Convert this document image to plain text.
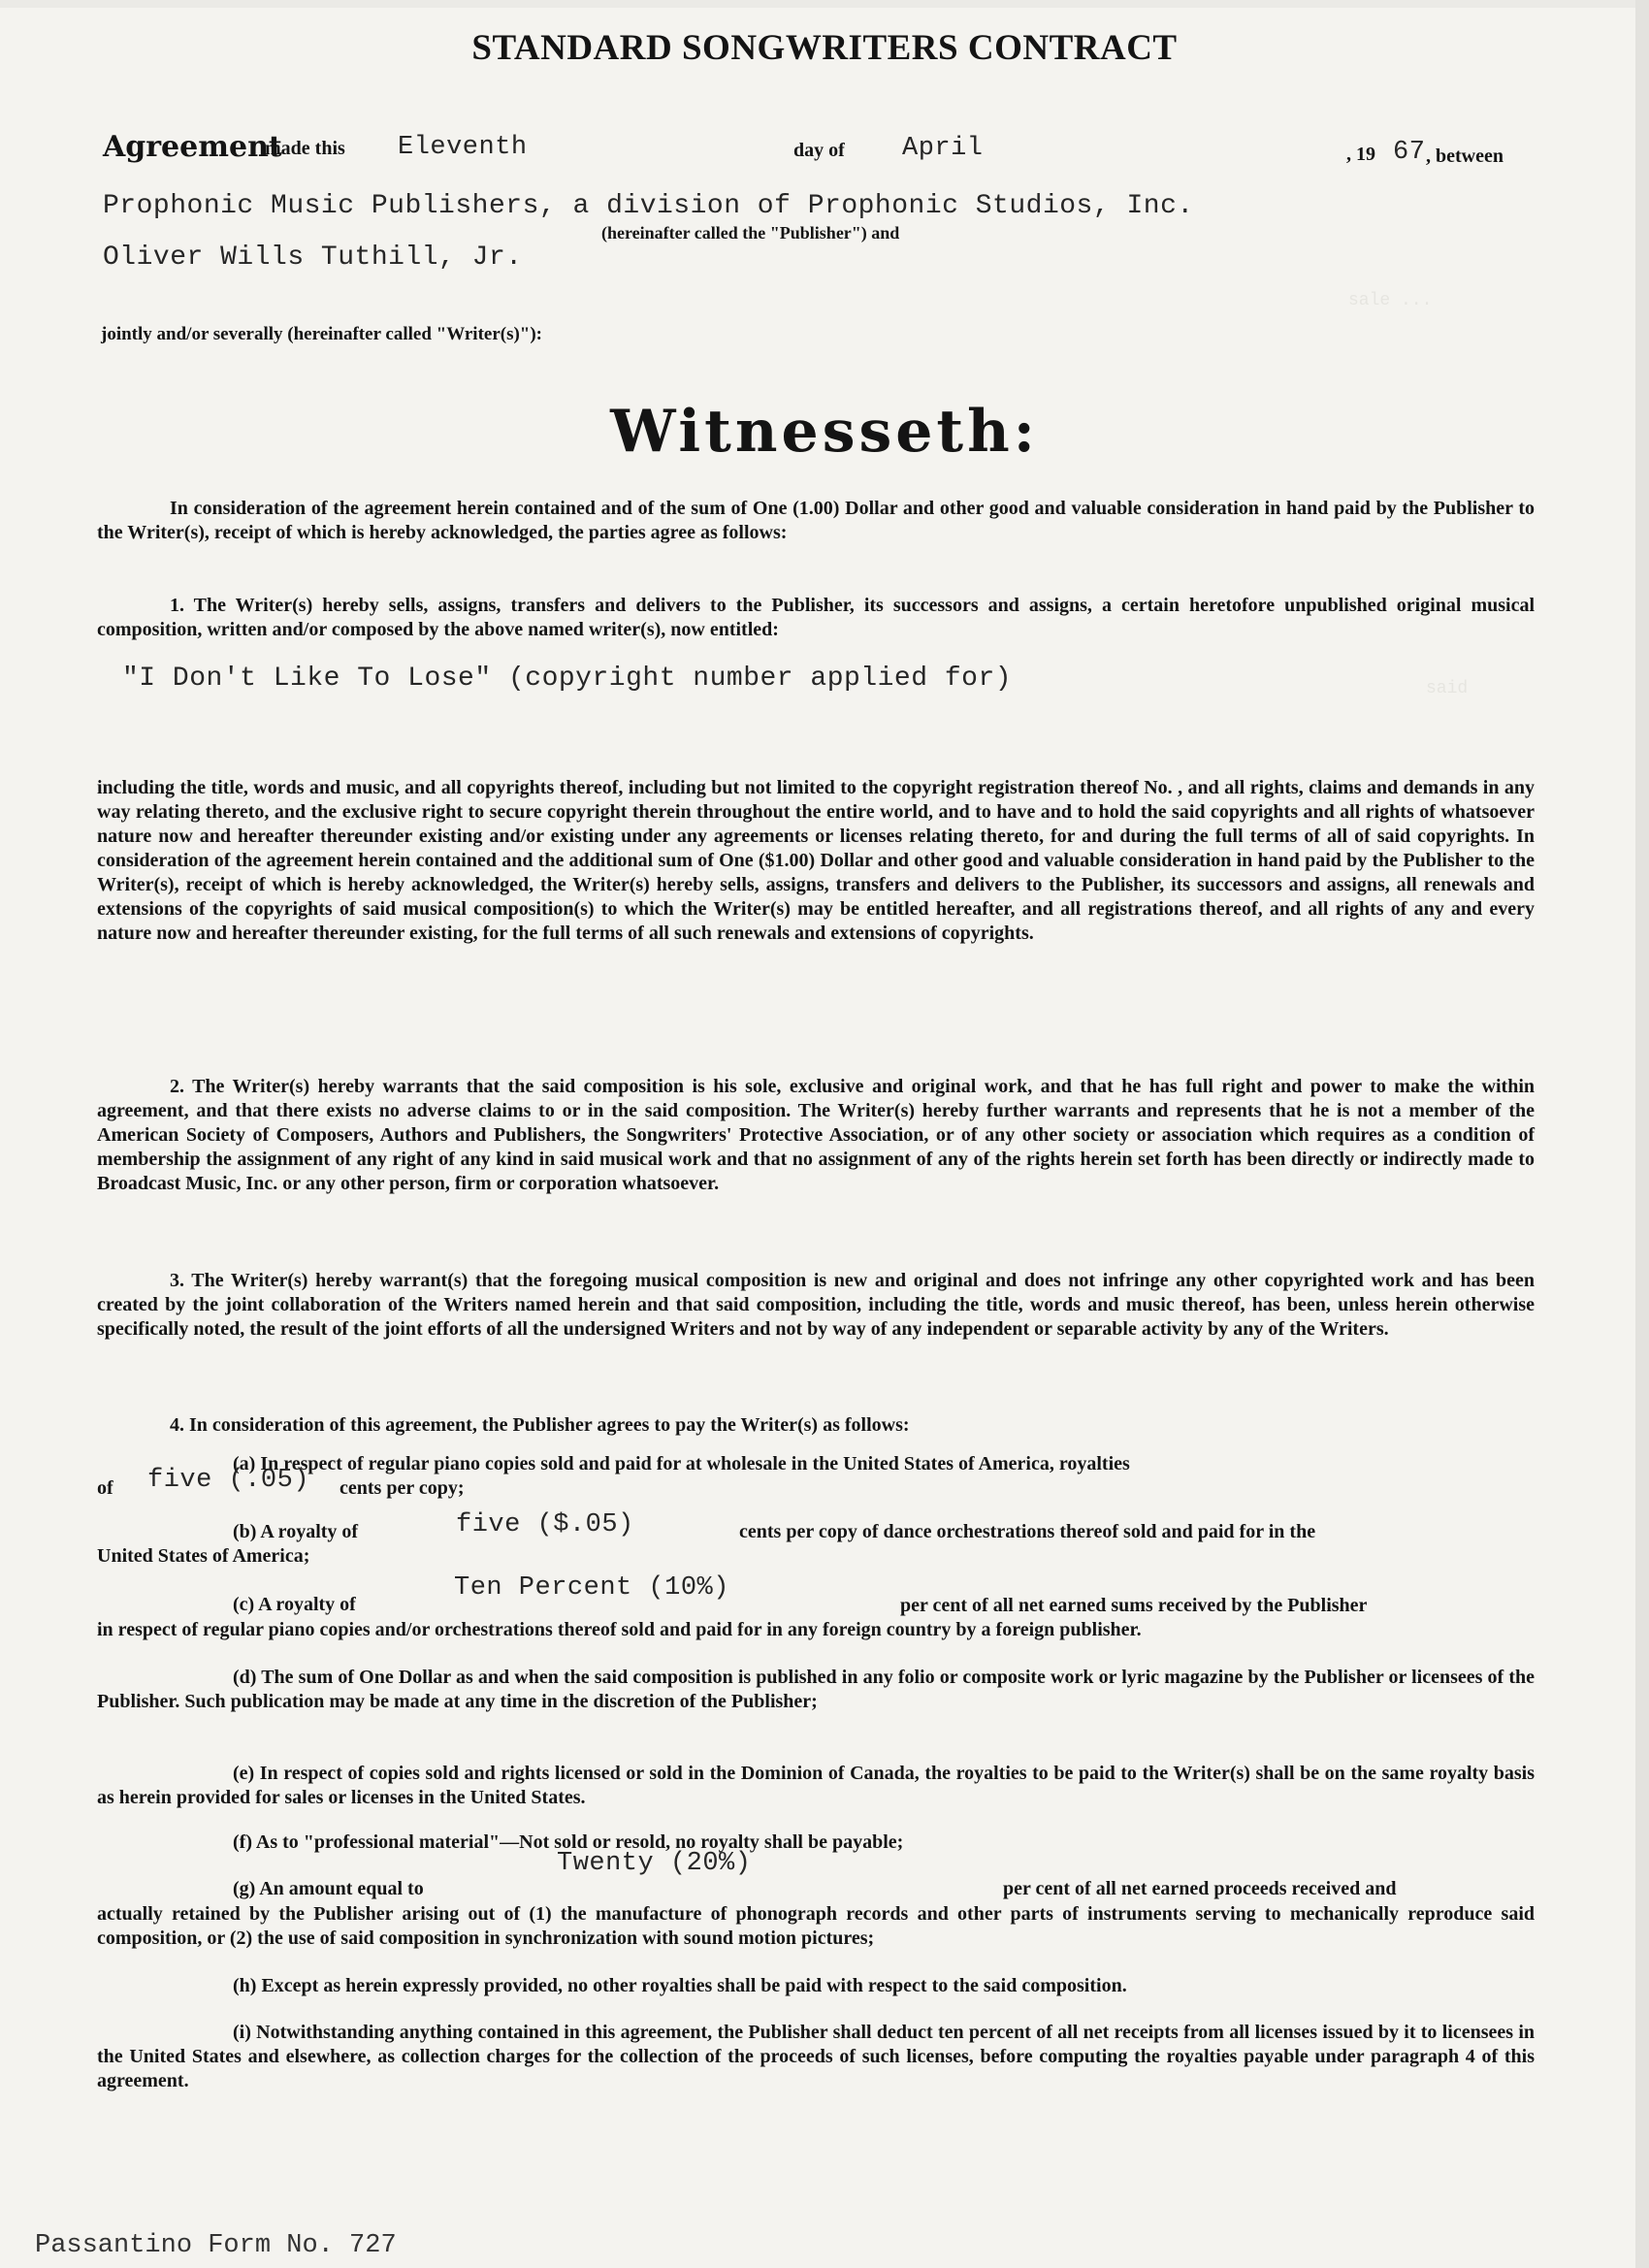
STANDARD SONGWRITERS CONTRACT
Agreement
made this Eleventh	day of April	, 19 67 , between
Prophonic Music Publishers, a division of Prophonic Studios, Inc.
(hereinafter called the "Publisher") and
Oliver Wills Tuthill, Jr.
jointly and/or severally (hereinafter called "Writer(s)"):
sale ...
said
Witnesseth:
In consideration of the agreement herein contained and of the sum of One (1.00) Dollar and other good and valuable consideration in hand paid by the Publisher to the Writer(s), receipt of which is hereby acknowledged, the parties agree as follows:
1. The Writer(s) hereby sells, assigns, transfers and delivers to the Publisher, its successors and assigns, a certain heretofore unpublished original musical composition, written and/or composed by the above named writer(s), now entitled:
"I Don't Like To Lose" (copyright number applied for)
including the title, words and music, and all copyrights thereof, including but not limited to the copyright registration thereof No. , and all rights, claims and demands in any way relating thereto, and the exclusive right to secure copyright therein throughout the entire world, and to have and to hold the said copyrights and all rights of whatsoever nature now and hereafter thereunder existing and/or existing under any agreements or licenses relating thereto, for and during the full terms of all of said copyrights. In consideration of the agreement herein contained and the additional sum of One ($1.00) Dollar and other good and valuable consideration in hand paid by the Publisher to the Writer(s), receipt of which is hereby acknowledged, the Writer(s) hereby sells, assigns, transfers and delivers to the Publisher, its successors and assigns, all renewals and extensions of the copyrights of said musical composition(s) to which the Writer(s) may be entitled hereafter, and all registrations thereof, and all rights of any and every nature now and hereafter thereunder existing, for the full terms of all such renewals and extensions of copyrights.
2. The Writer(s) hereby warrants that the said composition is his sole, exclusive and original work, and that he has full right and power to make the within agreement, and that there exists no adverse claims to or in the said composition. The Writer(s) hereby further warrants and represents that he is not a member of the American Society of Composers, Authors and Publishers, the Songwriters' Protective Association, or of any other society or association which requires as a condition of membership the assignment of any right of any kind in said musical work and that no assignment of any of the rights herein set forth has been directly or indirectly made to Broadcast Music, Inc. or any other person, firm or corporation whatsoever.
3. The Writer(s) hereby warrant(s) that the foregoing musical composition is new and original and does not infringe any other copyrighted work and has been created by the joint collaboration of the Writers named herein and that said composition, including the title, words and music thereof, has been, unless herein otherwise specifically noted, the result of the joint efforts of all the undersigned Writers and not by way of any independent or separable activity by any of the Writers.
4. In consideration of this agreement, the Publisher agrees to pay the Writer(s) as follows:
(a) In respect of regular piano copies sold and paid for at wholesale in the United States of America, royalties
of five (.05) cents per copy;
(b) A royalty of	five ($.05)	cents per copy of dance orchestrations thereof sold and paid for in the
United States of America;
(c) A royalty of
Ten Percent (10%)
per cent of all net earned sums received by the Publisher
in respect of regular piano copies and/or orchestrations thereof sold and paid for in any foreign country by a foreign publisher.
(d) The sum of One Dollar as and when the said composition is published in any folio or composite work or lyric magazine by the Publisher or licensees of the Publisher. Such publication may be made at any time in the discretion of the Publisher;
(e) In respect of copies sold and rights licensed or sold in the Dominion of Canada, the royalties to be paid to the Writer(s) shall be on the same royalty basis as herein provided for sales or licenses in the United States.
(f) As to "professional material"—Not sold or resold, no royalty shall be payable;
Twenty (20%)
(g) An amount equal to	per cent of all net earned proceeds received and
actually retained by the Publisher arising out of (1) the manufacture of phonograph records and other parts of instruments serving to mechanically reproduce said composition, or (2) the use of said composition in synchronization with sound motion pictures;
(h) Except as herein expressly provided, no other royalties shall be paid with respect to the said composition.
(i) Notwithstanding anything contained in this agreement, the Publisher shall deduct ten percent of all net receipts from all licenses issued by it to licensees in the United States and elsewhere, as collection charges for the collection of the proceeds of such licenses, before computing the royalties payable under paragraph 4 of this agreement.
Passantino Form No. 727
